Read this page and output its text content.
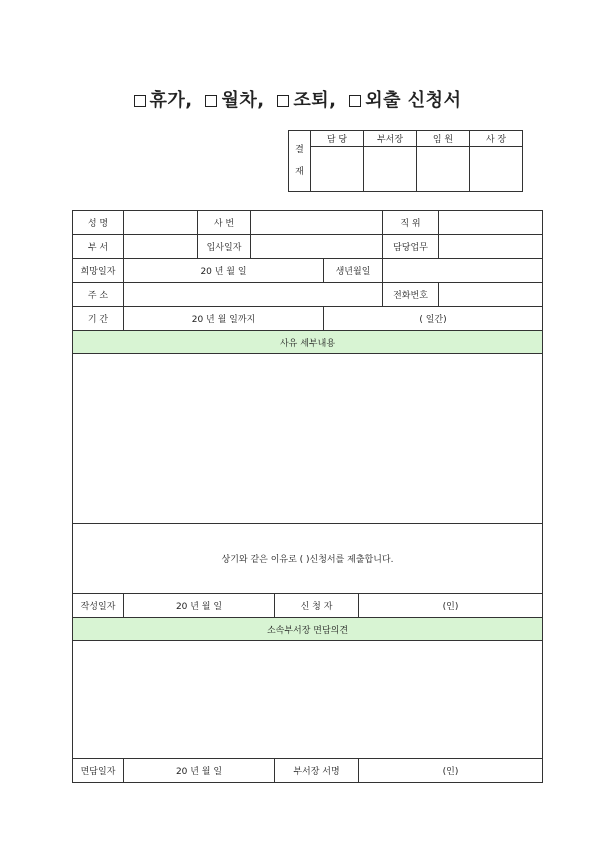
휴가, 월차, 조퇴, 외출 신청서
결
재	담 당	부서장	임 원	사 장

성 명		사 번					직 위	
부 서		입사일자					담당업무	
희망일자	20 년 월 일				생년월일			
주 소							전화번호	
기 간	20 년 월 일까지				( 일간)			
사유 세부내용								

상기와 같은 이유로 ( )신청서를 제출합니다.								
작성일자	20 년 월 일			신 청 자		(인)		
소속부서장 면담의견								

면담일자	20 년 월 일			부서장 서명		(인)		
